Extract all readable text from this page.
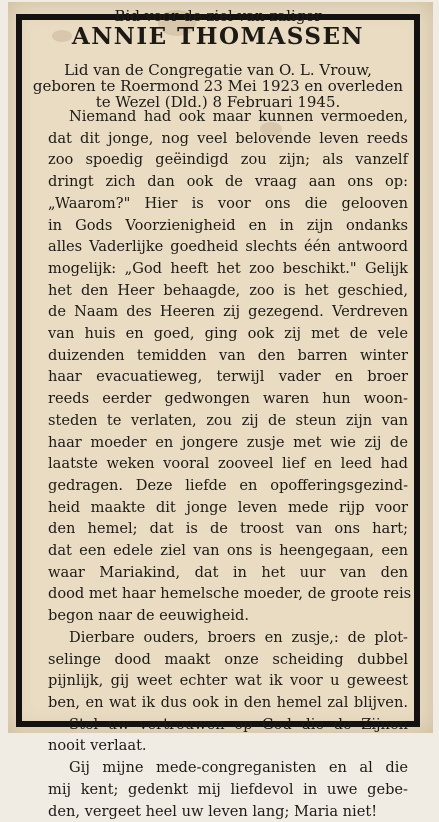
Bid voor de ziel van zaliger
ANNIE THOMASSEN
Lid van de Congregatie van O. L. Vrouw,
geboren te Roermond 23 Mei 1923 en overleden
te Wezel (Dld.) 8 Februari 1945.
Niemand had ook maar kunnen vermoeden,
dat dit jonge, nog veel belovende leven reeds
zoo spoedig geëindigd zou zijn; als vanzelf
dringt zich dan ook de vraag aan ons op:
„Waarom?" Hier is voor ons die gelooven
in Gods Voorzienigheid en in zijn ondanks
alles Vaderlijke goedheid slechts één antwoord
mogelijk: „God heeft het zoo beschikt." Gelijk
het den Heer behaagde, zoo is het geschied,
de Naam des Heeren zij gezegend. Verdreven
van huis en goed, ging ook zij met de vele
duizenden temidden van den barren winter
haar evacuatieweg, terwijl vader en broer
reeds eerder gedwongen waren hun woon-
steden te verlaten, zou zij de steun zijn van
haar moeder en jongere zusje met wie zij de
laatste weken vooral zooveel lief en leed had
gedragen. Deze liefde en opofferingsgezind-
heid maakte dit jonge leven mede rijp voor
den hemel; dat is de troost van ons hart;
dat een edele ziel van ons is heengegaan, een
waar Mariakind, dat in het uur van den
dood met haar hemelsche moeder, de groote reis
begon naar de eeuwigheid.
Dierbare ouders, broers en zusje,: de plot-
selinge dood maakt onze scheiding dubbel
pijnlijk, gij weet echter wat ik voor u geweest
ben, en wat ik dus ook in den hemel zal blijven.
Stel uw vertrouwen op God die de Zijnen
nooit verlaat.
Gij mijne mede-congreganisten en al die
mij kent; gedenkt mij liefdevol in uwe gebe-
den, vergeet heel uw leven lang; Maria niet!
